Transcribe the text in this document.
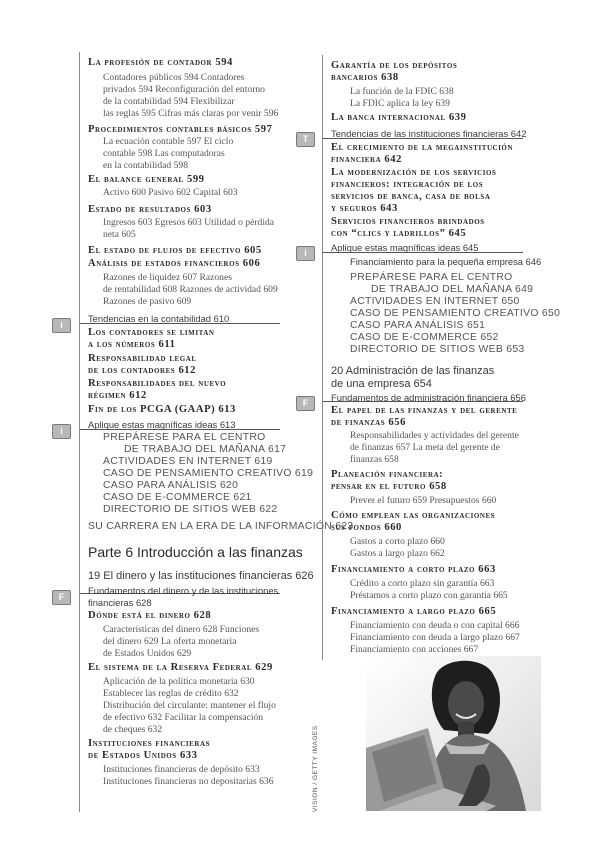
La profesión de contador 594
Contadores públicos 594 Contadores
privados 594 Reconfiguración del entorno
de la contabilidad 594 Flexibilizar
las reglas 595 Cifras más claras por venir 596
Procedimientos contables básicos 597
La ecuación contable 597 El ciclo
contable 598 Las computadoras
en la contabilidad 598
El balance general 599
Activo 600 Pasivo 602 Capital 603
Estado de resultados 603
Ingresos 603 Egresos 603 Utilidad o pérdida
neta 605
El estado de flujos de efectivo 605
Análisis de estados financieros 606
Razones de liquidez 607 Razones
de rentabilidad 608 Razones de actividad 609
Razones de pasivo 609
Tendencias en la contabilidad 610
Los contadores se limitan
a los números 611
Responsabilidad legal
de los contadores 612
Responsabilidades del nuevo
régimen 612
Fin de los PCGA (GAAP) 613
Aplique estas magníficas ideas 613
PREPÁRESE PARA EL CENTRO
DE TRABAJO DEL MAÑANA 617
ACTIVIDADES EN INTERNET 619
CASO DE PENSAMIENTO CREATIVO 619
CASO PARA ANÁLISIS 620
CASO DE E-COMMERCE 621
DIRECTORIO DE SITIOS WEB 622
SU CARRERA EN LA ERA DE LA INFORMACIÓN 623
Parte 6 Introducción a las finanzas
19 El dinero y las instituciones financieras 626
Fundamentos del dinero y de las instituciones
financieras 628
Dónde está el dinero 628
Características del dinero 628 Funciones
del dinero 629 La oferta monetaria
de Estados Unidos 629
El sistema de la Reserva Federal 629
Aplicación de la política monetaria 630
Establecer las reglas de crédito 632
Distribución del circulante: mantener el flujo
de efectivo 632 Facilitar la compensación
de cheques 632
Instituciones financieras
de Estados Unidos 633
Instituciones financieras de depósito 633
Instituciones financieras no depositarias 636
i
i
F
Garantía de los depósitos
bancarios 638
La función de la FDIC 638
La FDIC aplica la ley 639
La banca internacional 639
Tendencias de las instituciones financieras 642
El crecimiento de la megainstitución
financiera 642
La modernización de los servicios
financieros: integración de los
servicios de banca, casa de bolsa
y seguros 643
Servicios financieros brindados
con “clics y ladrillos” 645
Aplique estas magníficas ideas 645
Financiamiento para la pequeña empresa 646
PREPÁRESE PARA EL CENTRO
DE TRABAJO DEL MAÑANA 649
ACTIVIDADES EN INTERNET 650
CASO DE PENSAMIENTO CREATIVO 650
CASO PARA ANÁLISIS 651
CASO DE E-COMMERCE 652
DIRECTORIO DE SITIOS WEB 653
20 Administración de las finanzas
de una empresa 654
Fundamentos de administración financiera 656
El papel de las finanzas y del gerente
de finanzas 656
Responsabilidades y actividades del gerente
de finanzas 657 La meta del gerente de
finanzas 658
Planeación financiera:
pensar en el futuro 658
Prever el futuro 659 Presupuestos 660
Cómo emplean las organizaciones
sus fondos 660
Gastos a corto plazo 660
Gastos a largo plazo 662
Financiamiento a corto plazo 663
Crédito a corto plazo sin garantía 663
Préstamos a corto plazo con garantía 665
Financiamiento a largo plazo 665
Financiamiento con deuda o con capital 666
Financiamiento con deuda a largo plazo 667
Financiamiento con acciones 667
T
i
F
VISION / GETTY IMAGES
